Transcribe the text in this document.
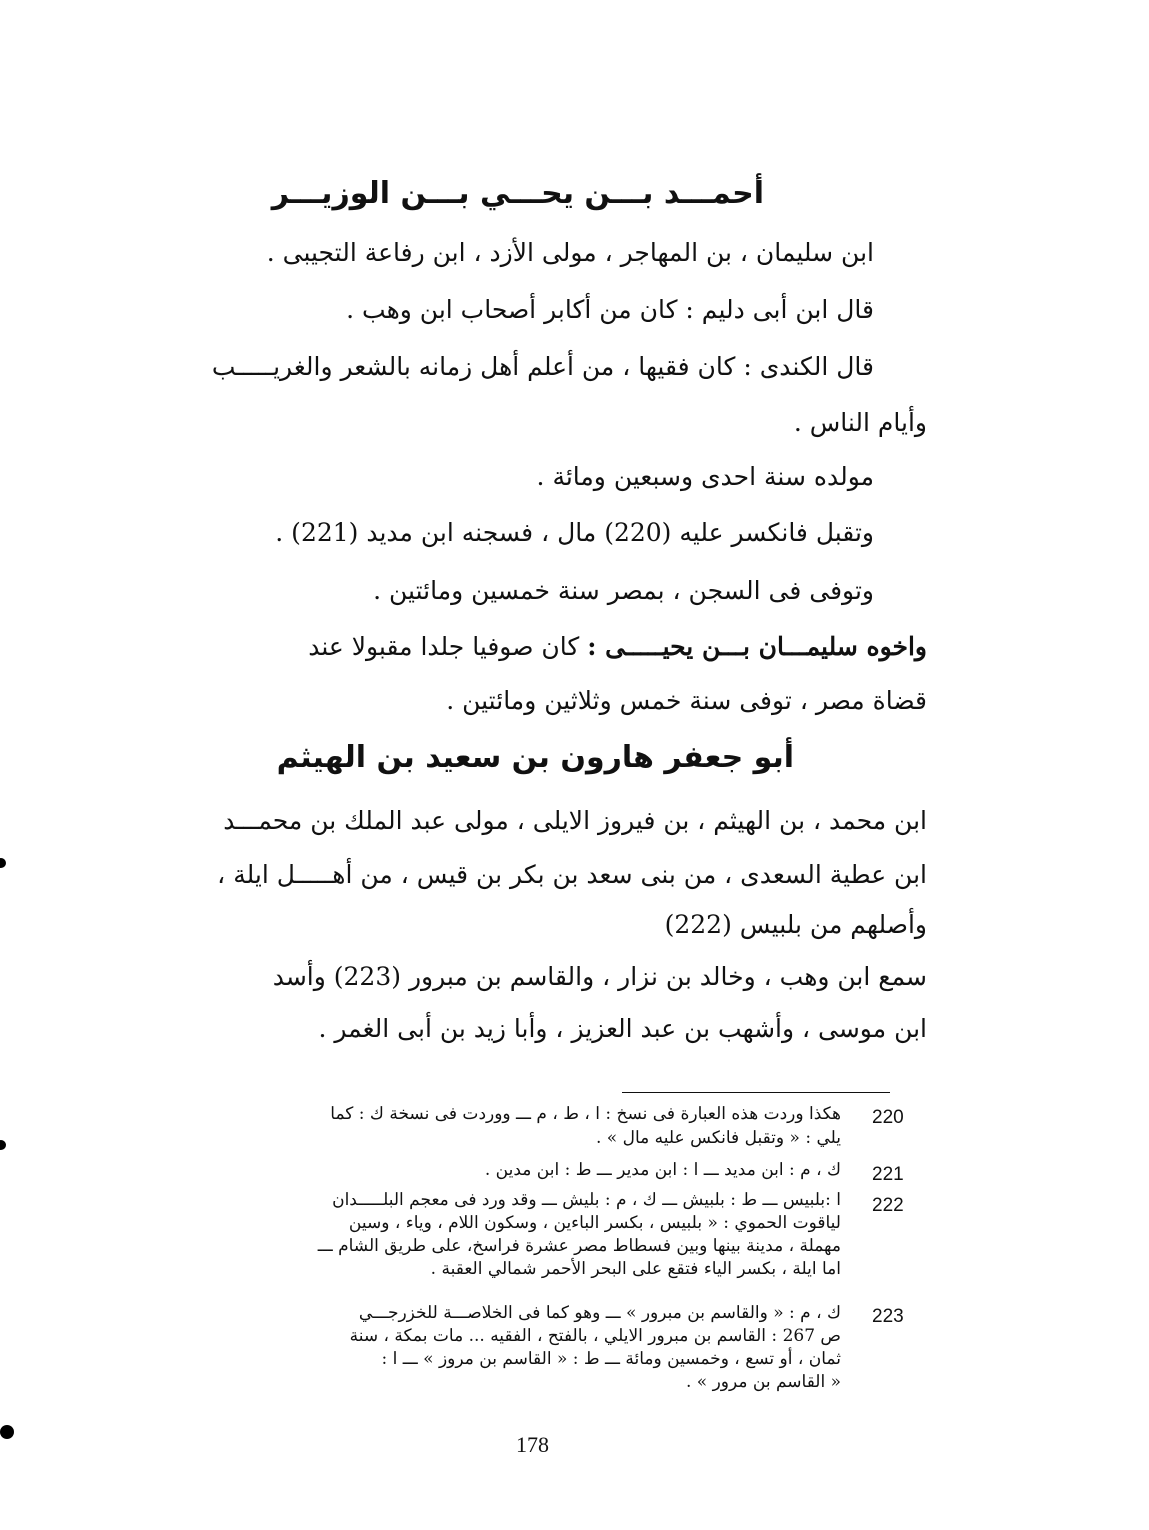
أحمـــد بـــن يحـــي بـــن الوزيـــر
ابن سليمان ، بن المهاجر ، مولى الأزد ، ابن رفاعة التجيبى .
قال ابن أبى دليم : كان من أكابر أصحاب ابن وهب .
قال الكندى : كان فقيها ، من أعلم أهل زمانه بالشعر والغريـــــب
وأيام الناس .
مولده سنة احدى وسبعين ومائة .
وتقبل فانكسر عليه (220) مال ، فسجنه ابن مديد (221) .
وتوفى فى السجن ، بمصر سنة خمسين ومائتين .
واخوه سليمـــان بـــن يحيـــــى : كان صوفيا جلدا مقبولا عند
قضاة مصر ، توفى سنة خمس وثلاثين ومائتين .
أبو جعفر هارون بن سعيد بن الهيثم
ابن محمد ، بن الهيثم ، بن فيروز الايلى ، مولى عبد الملك بن محمـــد
ابن عطية السعدى ، من بنى سعد بن بكر بن قيس ، من أهـــــل ايلة ،
وأصلهم من بلبيس (222)
سمع ابن وهب ، وخالد بن نزار ، والقاسم بن مبرور (223) وأسد
ابن موسى ، وأشهب بن عبد العزيز ، وأبا زيد بن أبى الغمر .
220
هكذا وردت هذه العبارة فى نسخ : ا ، ط ، م ـــ ووردت فى نسخة ك : كما
يلي : « وتقبل فانكس عليه مال » .
221
ك ، م : ابن مديد ـــ ا : ابن مدير ـــ ط : ابن مدين .
222
ا :بلبيس ـــ ط : بلبيش ـــ ك ، م : بليش ـــ وقد ورد فى معجم البلـــــدان
لياقوت الحموي : « بلبيس ، بكسر الباءين ، وسكون اللام ، وياء ، وسين
مهملة ، مدينة بينها وبين فسطاط مصر عشرة فراسخ، على طريق الشام ـــ
اما ايلة ، بكسر الياء فتقع على البحر الأحمر شمالي العقبة .
223
ك ، م : « والقاسم بن مبرور » ـــ وهو كما فى الخلاصـــة للخزرجـــي
ص 267 : القاسم بن مبرور الايلي ، بالفتح ، الفقيه ... مات بمكة ، سنة
ثمان ، أو تسع ، وخمسين ومائة ـــ ط : « القاسم بن مروز » ـــ ا :
« القاسم بن مرور » .
178
